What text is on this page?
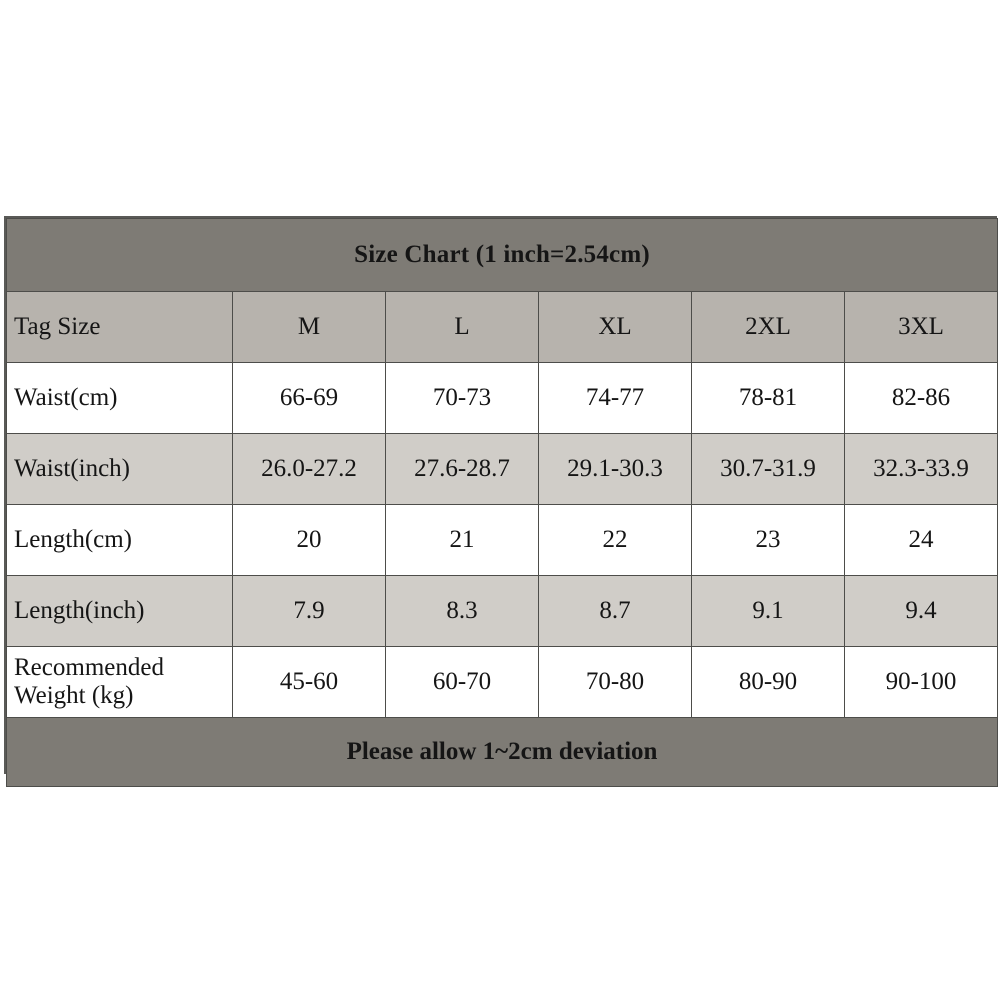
Size Chart (1 inch=2.54cm)					
Tag Size	M	L	XL	2XL	3XL
Waist(cm)	66-69	70-73	74-77	78-81	82-86
Waist(inch)	26.0-27.2	27.6-28.7	29.1-30.3	30.7-31.9	32.3-33.9
Length(cm)	20	21	22	23	24
Length(inch)	7.9	8.3	8.7	9.1	9.4

Recommended
Weight (kg)	45-60	60-70	70-80	80-90	90-100
Please allow 1~2cm deviation					
